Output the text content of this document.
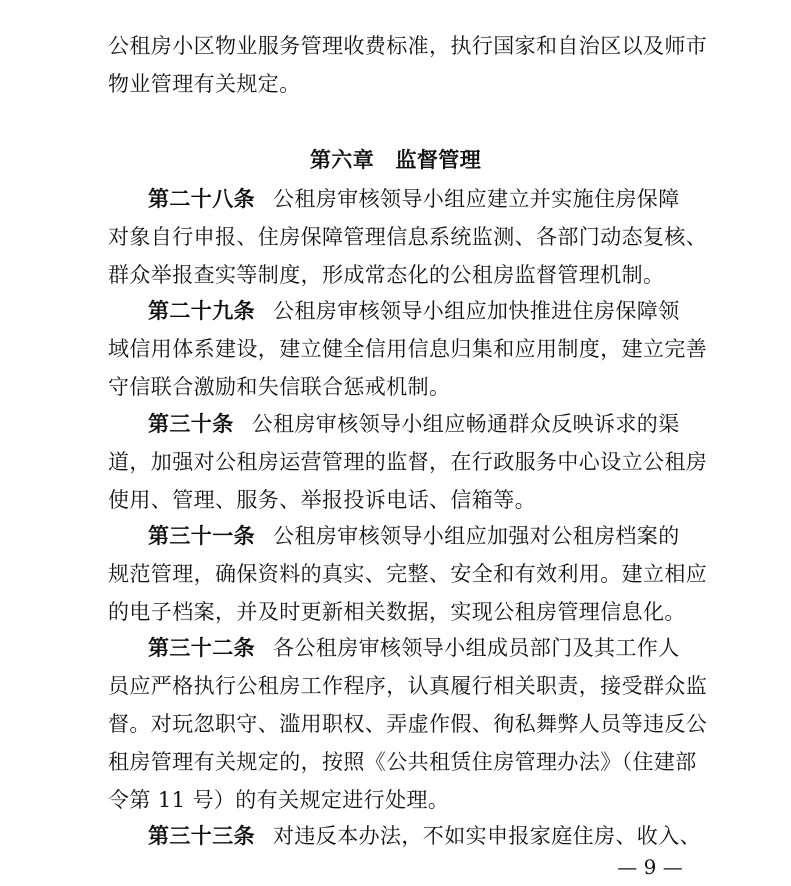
公租房小区物业服务管理收费标准，执行国家和自治区以及师市
物业管理有关规定。
第六章　监督管理
第二十八条 公租房审核领导小组应建立并实施住房保障
对象自行申报、住房保障管理信息系统监测、各部门动态复核、
群众举报查实等制度，形成常态化的公租房监督管理机制。
第二十九条 公租房审核领导小组应加快推进住房保障领
域信用体系建设，建立健全信用信息归集和应用制度，建立完善
守信联合激励和失信联合惩戒机制。
第三十条 公租房审核领导小组应畅通群众反映诉求的渠
道，加强对公租房运营管理的监督，在行政服务中心设立公租房
使用、管理、服务、举报投诉电话、信箱等。
第三十一条 公租房审核领导小组应加强对公租房档案的
规范管理，确保资料的真实、完整、安全和有效利用。建立相应
的电子档案，并及时更新相关数据，实现公租房管理信息化。
第三十二条 各公租房审核领导小组成员部门及其工作人
员应严格执行公租房工作程序，认真履行相关职责，接受群众监
督。对玩忽职守、滥用职权、弄虚作假、徇私舞弊人员等违反公
租房管理有关规定的，按照《公共租赁住房管理办法》（住建部
令第 11 号）的有关规定进行处理。
第三十三条 对违反本办法，不如实申报家庭住房、收入、
— 9 —
